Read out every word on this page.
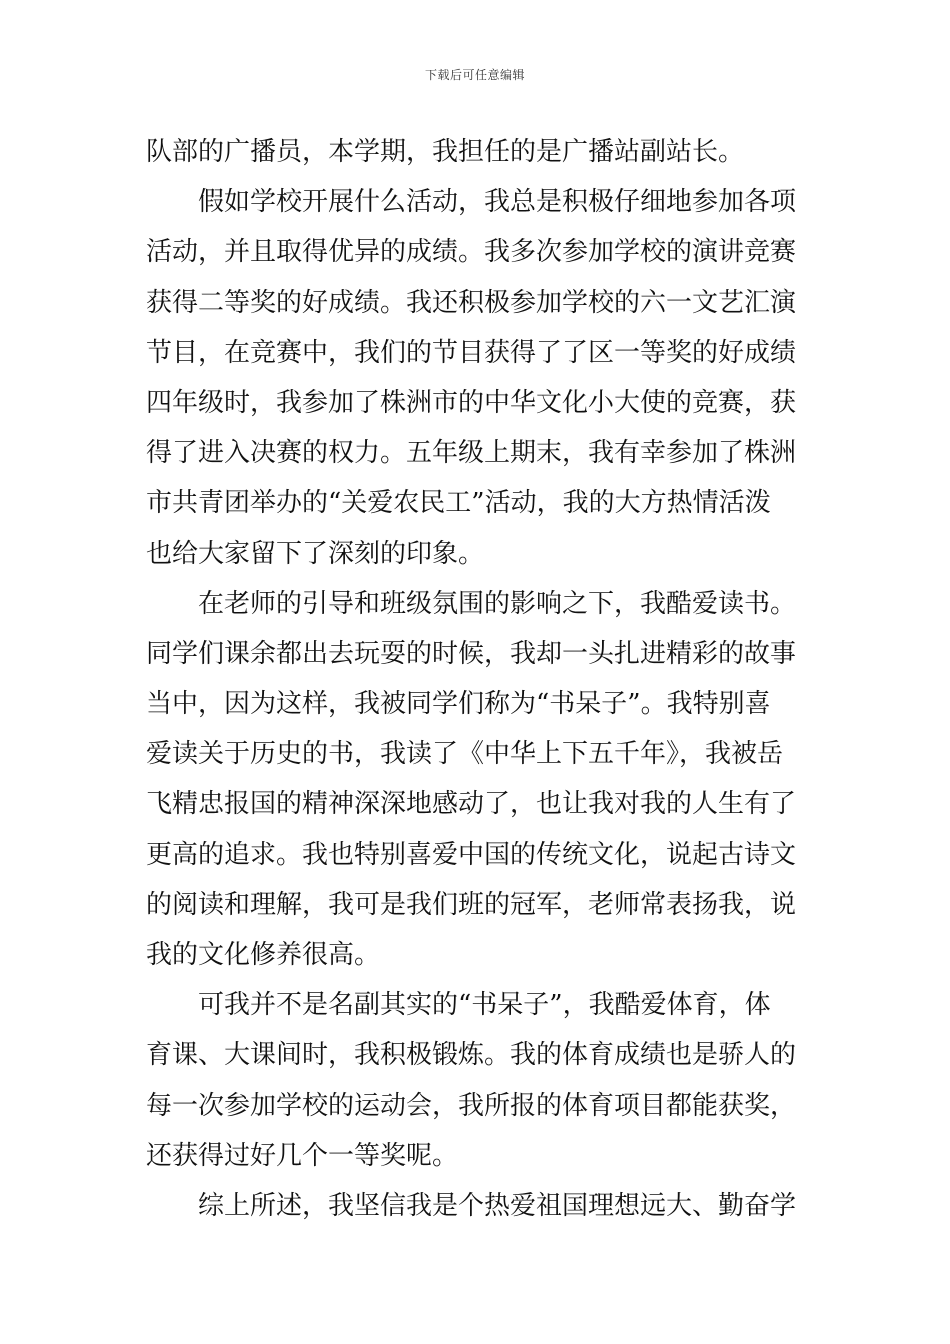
下载后可任意编辑
队部的广播员，本学期，我担任的是广播站副站长。
假如学校开展什么活动，我总是积极仔细地参加各项
活动，并且取得优异的成绩。我多次参加学校的演讲竞赛
获得二等奖的好成绩。我还积极参加学校的六一文艺汇演
节目，在竞赛中，我们的节目获得了了区一等奖的好成绩
四年级时，我参加了株洲市的中华文化小大使的竞赛，获
得了进入决赛的权力。五年级上期末，我有幸参加了株洲
市共青团举办的“关爱农民工”活动，我的大方热情活泼
也给大家留下了深刻的印象。
在老师的引导和班级氛围的影响之下，我酷爱读书。
同学们课余都出去玩耍的时候，我却一头扎进精彩的故事
当中，因为这样，我被同学们称为“书呆子”。我特别喜
爱读关于历史的书，我读了《中华上下五千年》，我被岳
飞精忠报国的精神深深地感动了，也让我对我的人生有了
更高的追求。我也特别喜爱中国的传统文化，说起古诗文
的阅读和理解，我可是我们班的冠军，老师常表扬我，说
我的文化修养很高。
可我并不是名副其实的“书呆子”，我酷爱体育，体
育课、大课间时，我积极锻炼。我的体育成绩也是骄人的
每一次参加学校的运动会，我所报的体育项目都能获奖，
还获得过好几个一等奖呢。
综上所述，我坚信我是个热爱祖国理想远大、勤奋学
